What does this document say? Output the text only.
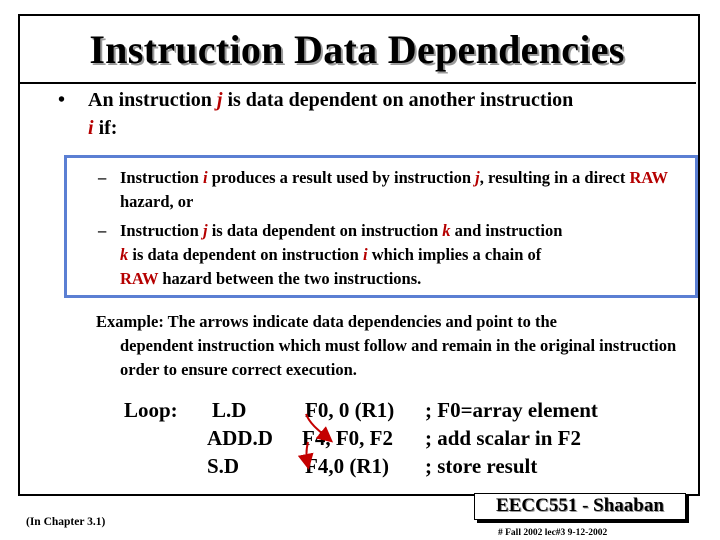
Instruction Data Dependencies
• An instruction j is data dependent on another instruction
i if:
– Instruction i produces a result used by instruction j, resulting in a direct RAW hazard, or
– Instruction j is data dependent on instruction k and instruction
k is data dependent on instruction i which implies a chain of
RAW hazard between the two instructions.
Example: The arrows indicate data dependencies and point to the
dependent instruction which must follow and remain in the original instruction order to ensure correct execution.
Loop: L.D	F0, 0 (R1) ; F0=array element
ADD.D F4, F0, F2 ; add scalar in F2
S.D	F4,0 (R1) ; store result
(In Chapter 3.1)
EECC551 - Shaaban
# Fall 2002 lec#3 9-12-2002
